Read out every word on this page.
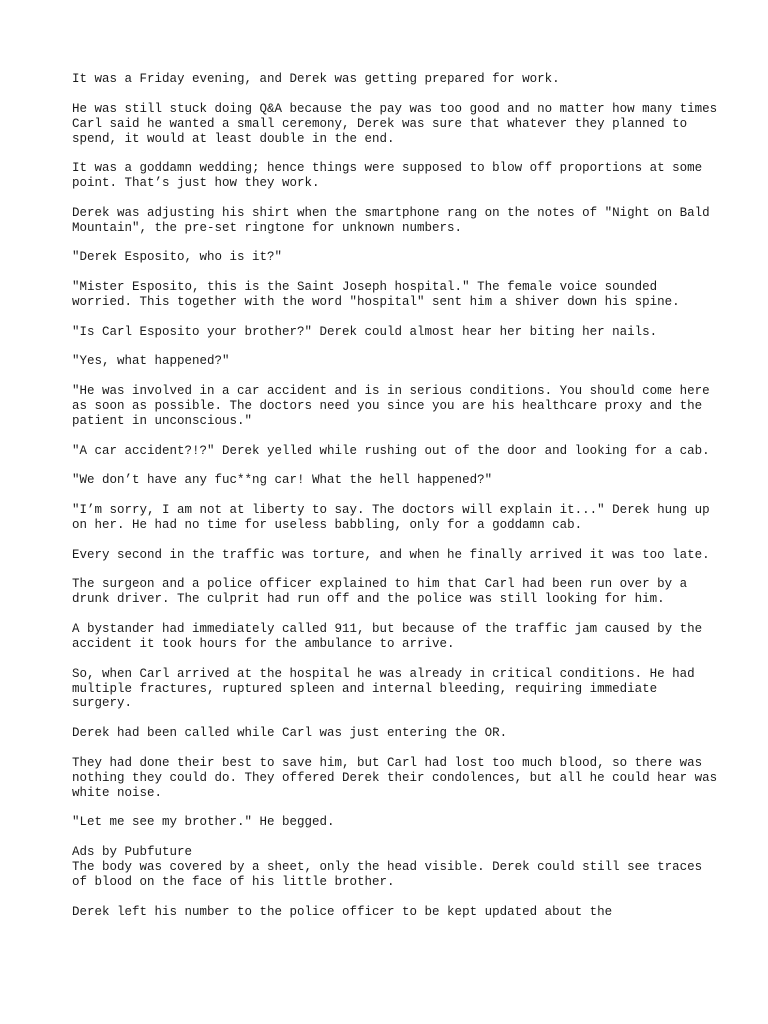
It was a Friday evening, and Derek was getting prepared for work.

He was still stuck doing Q&A because the pay was too good and no matter how many times Carl said he wanted a small ceremony, Derek was sure that whatever they planned to spend, it would at least double in the end.

It was a goddamn wedding; hence things were supposed to blow off proportions at some point. That’s just how they work.

Derek was adjusting his shirt when the smartphone rang on the notes of "Night on Bald Mountain", the pre-set ringtone for unknown numbers.

"Derek Esposito, who is it?"

"Mister Esposito, this is the Saint Joseph hospital." The female voice sounded worried. This together with the word "hospital" sent him a shiver down his spine.

"Is Carl Esposito your brother?" Derek could almost hear her biting her nails.

"Yes, what happened?"

"He was involved in a car accident and is in serious conditions. You should come here as soon as possible. The doctors need you since you are his healthcare proxy and the patient in unconscious."

"A car accident?!?" Derek yelled while rushing out of the door and looking for a cab.

"We don’t have any fuc**ng car! What the hell happened?"

"I’m sorry, I am not at liberty to say. The doctors will explain it..." Derek hung up on her. He had no time for useless babbling, only for a goddamn cab.

Every second in the traffic was torture, and when he finally arrived it was too late.

The surgeon and a police officer explained to him that Carl had been run over by a drunk driver. The culprit had run off and the police was still looking for him.

A bystander had immediately called 911, but because of the traffic jam caused by the accident it took hours for the ambulance to arrive.

So, when Carl arrived at the hospital he was already in critical conditions. He had multiple fractures, ruptured spleen and internal bleeding, requiring immediate surgery.

Derek had been called while Carl was just entering the OR.

They had done their best to save him, but Carl had lost too much blood, so there was nothing they could do. They offered Derek their condolences, but all he could hear was white noise.

"Let me see my brother." He begged.

Ads by Pubfuture

The body was covered by a sheet, only the head visible. Derek could still see traces of blood on the face of his little brother.

Derek left his number to the police officer to be kept updated about the
